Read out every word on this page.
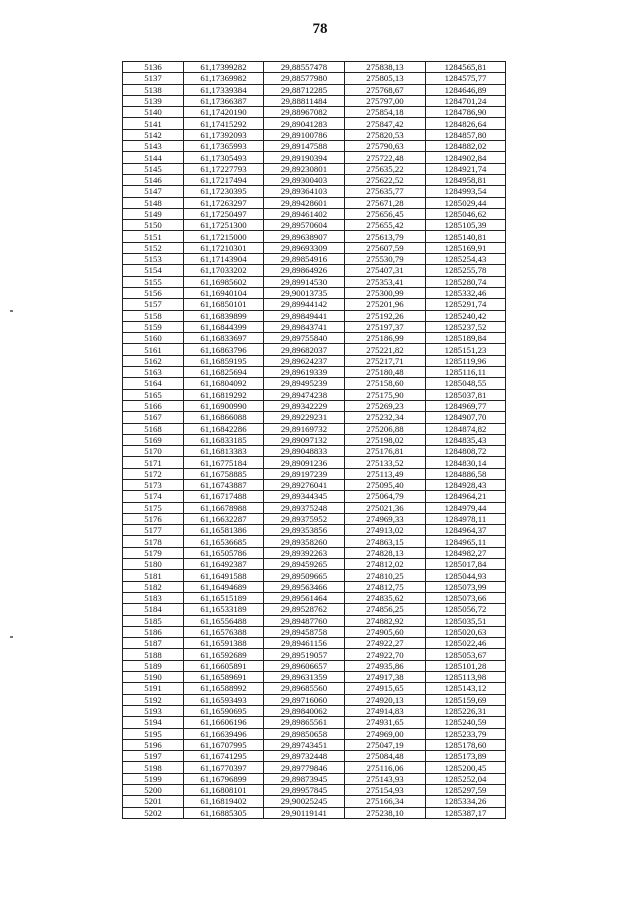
78
5136	61,17399282	29,88557478	275838,13	1284565,81
5137	61,17369982	29,88577980	275805,13	1284575,77
5138	61,17339384	29,88712285	275768,67	1284646,89
5139	61,17366387	29,88811484	275797,00	1284701,24
5140	61,17420190	29,88967082	275854,18	1284786,90
5141	61,17415292	29,89041283	275847,42	1284826,64
5142	61,17392093	29,89100786	275820,53	1284857,80
5143	61,17365993	29,89147588	275790,63	1284882,02
5144	61,17305493	29,89190394	275722,48	1284902,84
5145	61,17227793	29,89230801	275635,22	1284921,74
5146	61,17217494	29,89300403	275622,52	1284958,81
5147	61,17230395	29,89364103	275635,77	1284993,54
5148	61,17263297	29,89428601	275671,28	1285029,44
5149	61,17250497	29,89461402	275656,45	1285046,62
5150	61,17251300	29,89570604	275655,42	1285105,39
5151	61,17215000	29,89638907	275613,79	1285140,81
5152	61,17210301	29,89693309	275607,59	1285169,91
5153	61,17143904	29,89854916	275530,79	1285254,43
5154	61,17033202	29,89864926	275407,31	1285255,78
5155	61,16985602	29,89914530	275353,41	1285280,74
5156	61,16940104	29,90013735	275300,99	1285332,46
5157	61,16850101	29,89944142	275201,96	1285291,74
5158	61,16839899	29,89849441	275192,26	1285240,42
5159	61,16844399	29,89843741	275197,37	1285237,52
5160	61,16833697	29,89755840	275186,99	1285189,84
5161	61,16863796	29,89682037	275221,82	1285151,23
5162	61,16859195	29,89624237	275217,71	1285119,96
5163	61,16825694	29,89619339	275180,48	1285116,11
5164	61,16804092	29,89495239	275158,60	1285048,55
5165	61,16819292	29,89474238	275175,90	1285037,81
5166	61,16900990	29,89342229	275269,23	1284969,77
5167	61,16866088	29,89229231	275232,34	1284907,70
5168	61,16842286	29,89169732	275206,88	1284874,82
5169	61,16833185	29,89097132	275198,02	1284835,43
5170	61,16813383	29,89048833	275176,81	1284808,72
5171	61,16775184	29,89091236	275133,52	1284830,14
5172	61,16758885	29,89197239	275113,49	1284886,58
5173	61,16743887	29,89276041	275095,40	1284928,43
5174	61,16717488	29,89344345	275064,79	1284964,21
5175	61,16678988	29,89375248	275021,36	1284979,44
5176	61,16632287	29,89375952	274969,33	1284978,11
5177	61,16581386	29,89353856	274913,02	1284964,37
5178	61,16536685	29,89358260	274863,15	1284965,11
5179	61,16505786	29,89392263	274828,13	1284982,27
5180	61,16492387	29,89459265	274812,02	1285017,84
5181	61,16491588	29,89509665	274810,25	1285044,93
5182	61,16494689	29,89563466	274812,75	1285073,99
5183	61,16515189	29,89561464	274835,62	1285073,66
5184	61,16533189	29,89528762	274856,25	1285056,72
5185	61,16556488	29,89487760	274882,92	1285035,51
5186	61,16576388	29,89458758	274905,60	1285020,63
5187	61,16591388	29,89461156	274922,27	1285022,46
5188	61,16592689	29,89519057	274922,70	1285053,67
5189	61,16605891	29,89606657	274935,86	1285101,28
5190	61,16589691	29,89631359	274917,38	1285113,98
5191	61,16588992	29,89685560	274915,65	1285143,12
5192	61,16593493	29,89716060	274920,13	1285159,69
5193	61,16590695	29,89840062	274914,83	1285226,31
5194	61,16606196	29,89865561	274931,65	1285240,59
5195	61,16639496	29,89850658	274969,00	1285233,79
5196	61,16707995	29,89743451	275047,19	1285178,60
5197	61,16741295	29,89732448	275084,48	1285173,89
5198	61,16770397	29,89779846	275116,06	1285200,45
5199	61,16796899	29,89873945	275143,93	1285252,04
5200	61,16808101	29,89957845	275154,93	1285297,59
5201	61,16819402	29,90025245	275166,34	1285334,26
5202	61,16885305	29,90119141	275238,10	1285387,17
